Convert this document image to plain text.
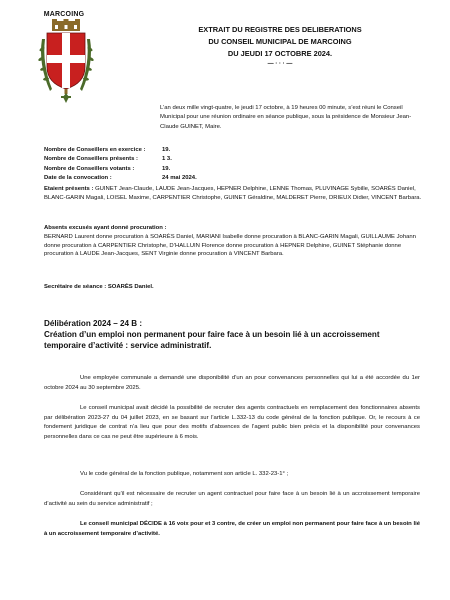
MARCOING
EXTRAIT DU REGISTRE DES DELIBERATIONS
DU CONSEIL MUNICIPAL DE MARCOING
DU JEUDI 17 OCTOBRE 2024.
— · · · —
L’an deux mille vingt-quatre, le jeudi 17 octobre, à 19 heures 00 minute, s’est réuni le Conseil Municipal pour une réunion ordinaire en séance publique, sous la présidence de Monsieur Jean-Claude GUINET, Maire.
Nombre de Conseillers en exercice :	19.
Nombre de Conseillers présents :	1 3.
Nombre de Conseillers votants :	19.
Date de la convocation :	24 mai 2024.
Etaient présents : GUINET Jean-Claude, LAUDE Jean-Jacques, HEPNER Delphine, LENNE Thomas, PLUVINAGE Sybille, SOARÈS Daniel, BLANC-GARIN Magali, LOISEL Maxime, CARPENTIER Christophe, GUINET Géraldine, MALDERET Pierre, DRIEUX Didier, VINCENT Barbara.
Absents excusés ayant donné procuration :
BERNARD Laurent donne procuration à SOARÈS Daniel, MARIANI Isabelle donne procuration à BLANC-GARIN Magali, GUILLAUME Johann donne procuration à CARPENTIER Christophe, D’HALLUIN Florence donne procuration à HEPNER Delphine, GUINET Stéphanie donne procuration à LAUDE Jean-Jacques, SENT Virginie donne procuration à VINCENT Barbara.
Secrétaire de séance : SOARÈS Daniel.
Délibération 2024 – 24 B :
Création d’un emploi non permanent pour faire face à un besoin lié à un accroissement temporaire d’activité : service administratif.
Une employée communale a demandé une disponibilité d’un an pour convenances personnelles qui lui a été accordée du 1er octobre 2024 au 30 septembre 2025.
Le conseil municipal avait décidé la possibilité de recruter des agents contractuels en remplacement des fonctionnaires absents par délibération 2023-27 du 04 juillet 2023, en se basant sur l’article L.332-13 du code général de la fonction publique. Or, le recours à ce fondement juridique de contrat n’a lieu que pour des motifs d’absences de l’agent public bien précis et la disponibilité pour convenances personnelles dans ce cas ne peut être supérieure à 6 mois.
Vu le code général de la fonction publique, notamment son article L. 332-23-1° ;
Considérant qu’il est nécessaire de recruter un agent contractuel pour faire face à un besoin lié à un accroissement temporaire d’activité au sein du service administratif ;
Le conseil municipal DÉCIDE à 16 voix pour et 3 contre, de créer un emploi non permanent pour faire face à un besoin lié à un accroissement temporaire d’activité.
